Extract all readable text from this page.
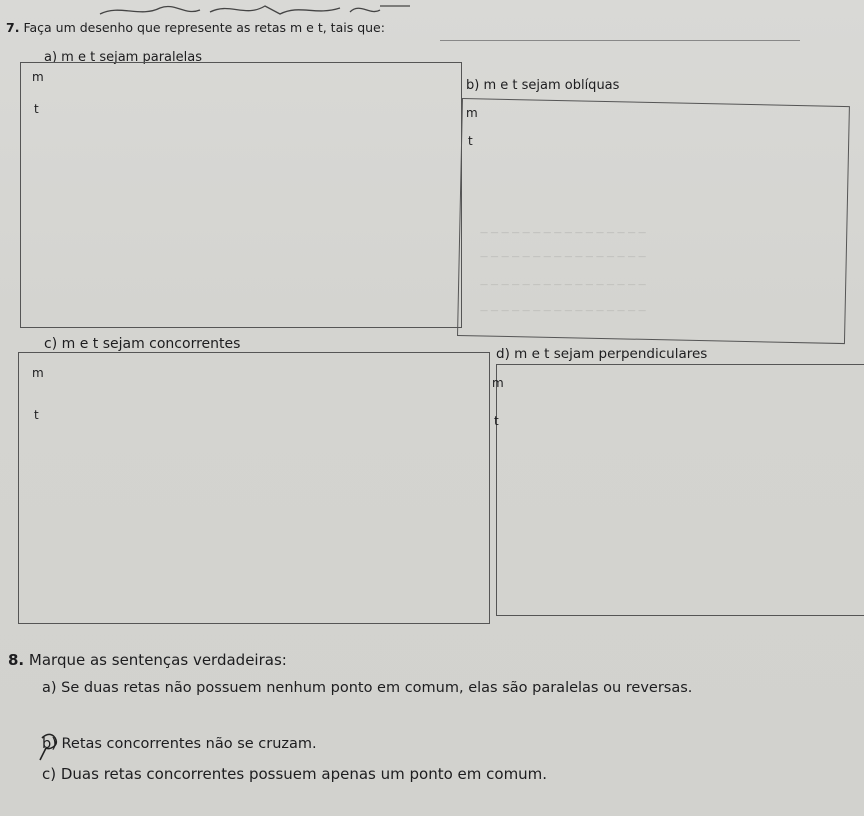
7. Faça um desenho que represente as retas m e t, tais que:
a) m e t sejam paralelas
m
t
b) m e t sejam oblíquas
m
t
— — — — — — — — — — — — — — — —
— — — — — — — — — — — — — — — —
— — — — — — — — — — — — — — — —
— — — — — — — — — — — — — — — —
c) m e t sejam concorrentes
m
t
d) m e t sejam perpendiculares
m
t
8. Marque as sentenças verdadeiras:
a) Se duas retas não possuem nenhum ponto em comum, elas são paralelas ou reversas.
b) Retas concorrentes não se cruzam.
c) Duas retas concorrentes possuem apenas um ponto em comum.
